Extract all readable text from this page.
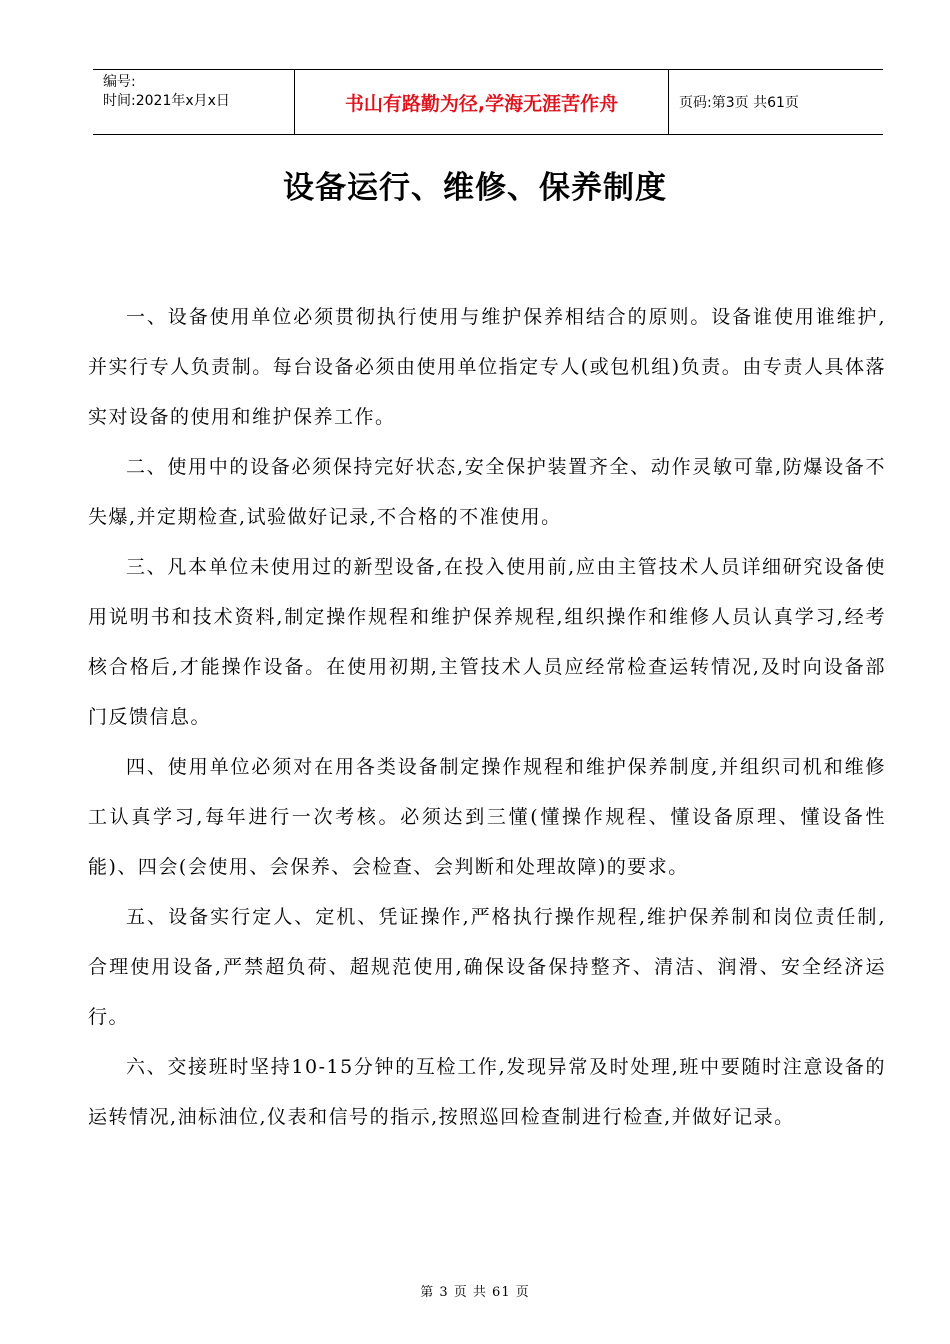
编号:
时间:2021年x月x日	书山有路勤为径,学海无涯苦作舟	页码:第3页 共61页
设备运行、维修、保养制度

一、设备使用单位必须贯彻执行使用与维护保养相结合的原则。设备谁使用谁维护,并实行专人负责制。每台设备必须由使用单位指定专人(或包机组)负责。由专责人具体落实对设备的使用和维护保养工作。

二、使用中的设备必须保持完好状态,安全保护装置齐全、动作灵敏可靠,防爆设备不失爆,并定期检查,试验做好记录,不合格的不准使用。

三、凡本单位未使用过的新型设备,在投入使用前,应由主管技术人员详细研究设备使用说明书和技术资料,制定操作规程和维护保养规程,组织操作和维修人员认真学习,经考核合格后,才能操作设备。在使用初期,主管技术人员应经常检查运转情况,及时向设备部门反馈信息。

四、使用单位必须对在用各类设备制定操作规程和维护保养制度,并组织司机和维修工认真学习,每年进行一次考核。必须达到三懂(懂操作规程、懂设备原理、懂设备性能)、四会(会使用、会保养、会检查、会判断和处理故障)的要求。

五、设备实行定人、定机、凭证操作,严格执行操作规程,维护保养制和岗位责任制,合理使用设备,严禁超负荷、超规范使用,确保设备保持整齐、清洁、润滑、安全经济运行。

六、交接班时坚持10-15分钟的互检工作,发现异常及时处理,班中要随时注意设备的运转情况,油标油位,仪表和信号的指示,按照巡回检查制进行检查,并做好记录。

第 3 页 共 61 页
